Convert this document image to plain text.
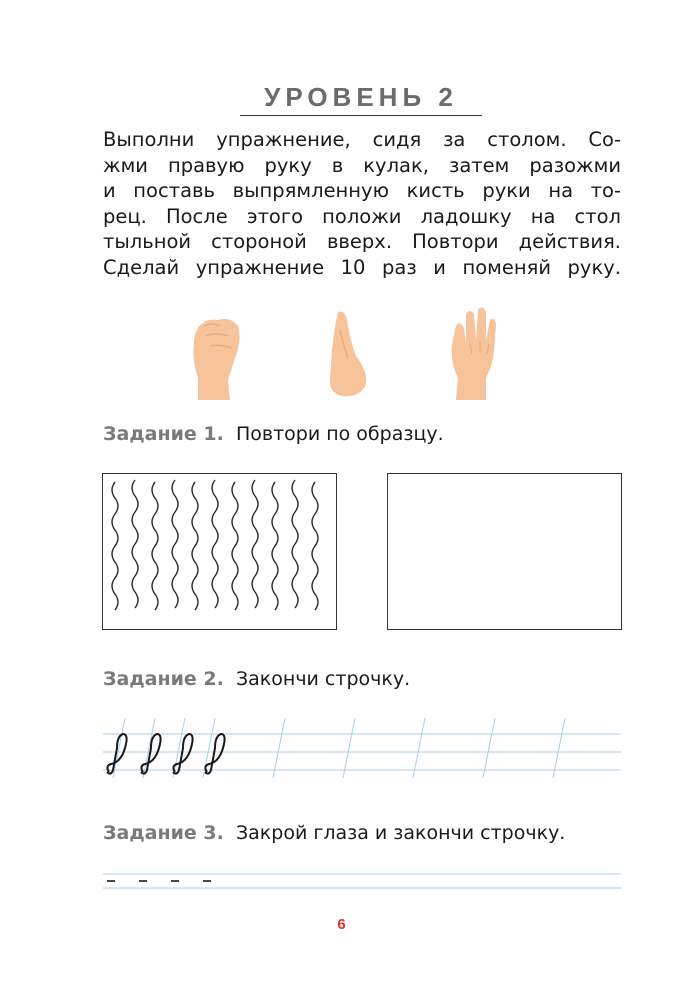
УРОВЕНЬ 2
Выполни упражнение, сидя за столом. Со-
жми правую руку в кулак, затем разожми
и поставь выпрямленную кисть руки на то-
рец. После этого положи ладошку на стол
тыльной стороной вверх. Повтори действия.
Сделай упражнение 10 раз и поменяй руку.
Задание 1. Повтори по образцу.
Задание 2. Закончи строчку.
Задание 3. Закрой глаза и закончи строчку.
6
